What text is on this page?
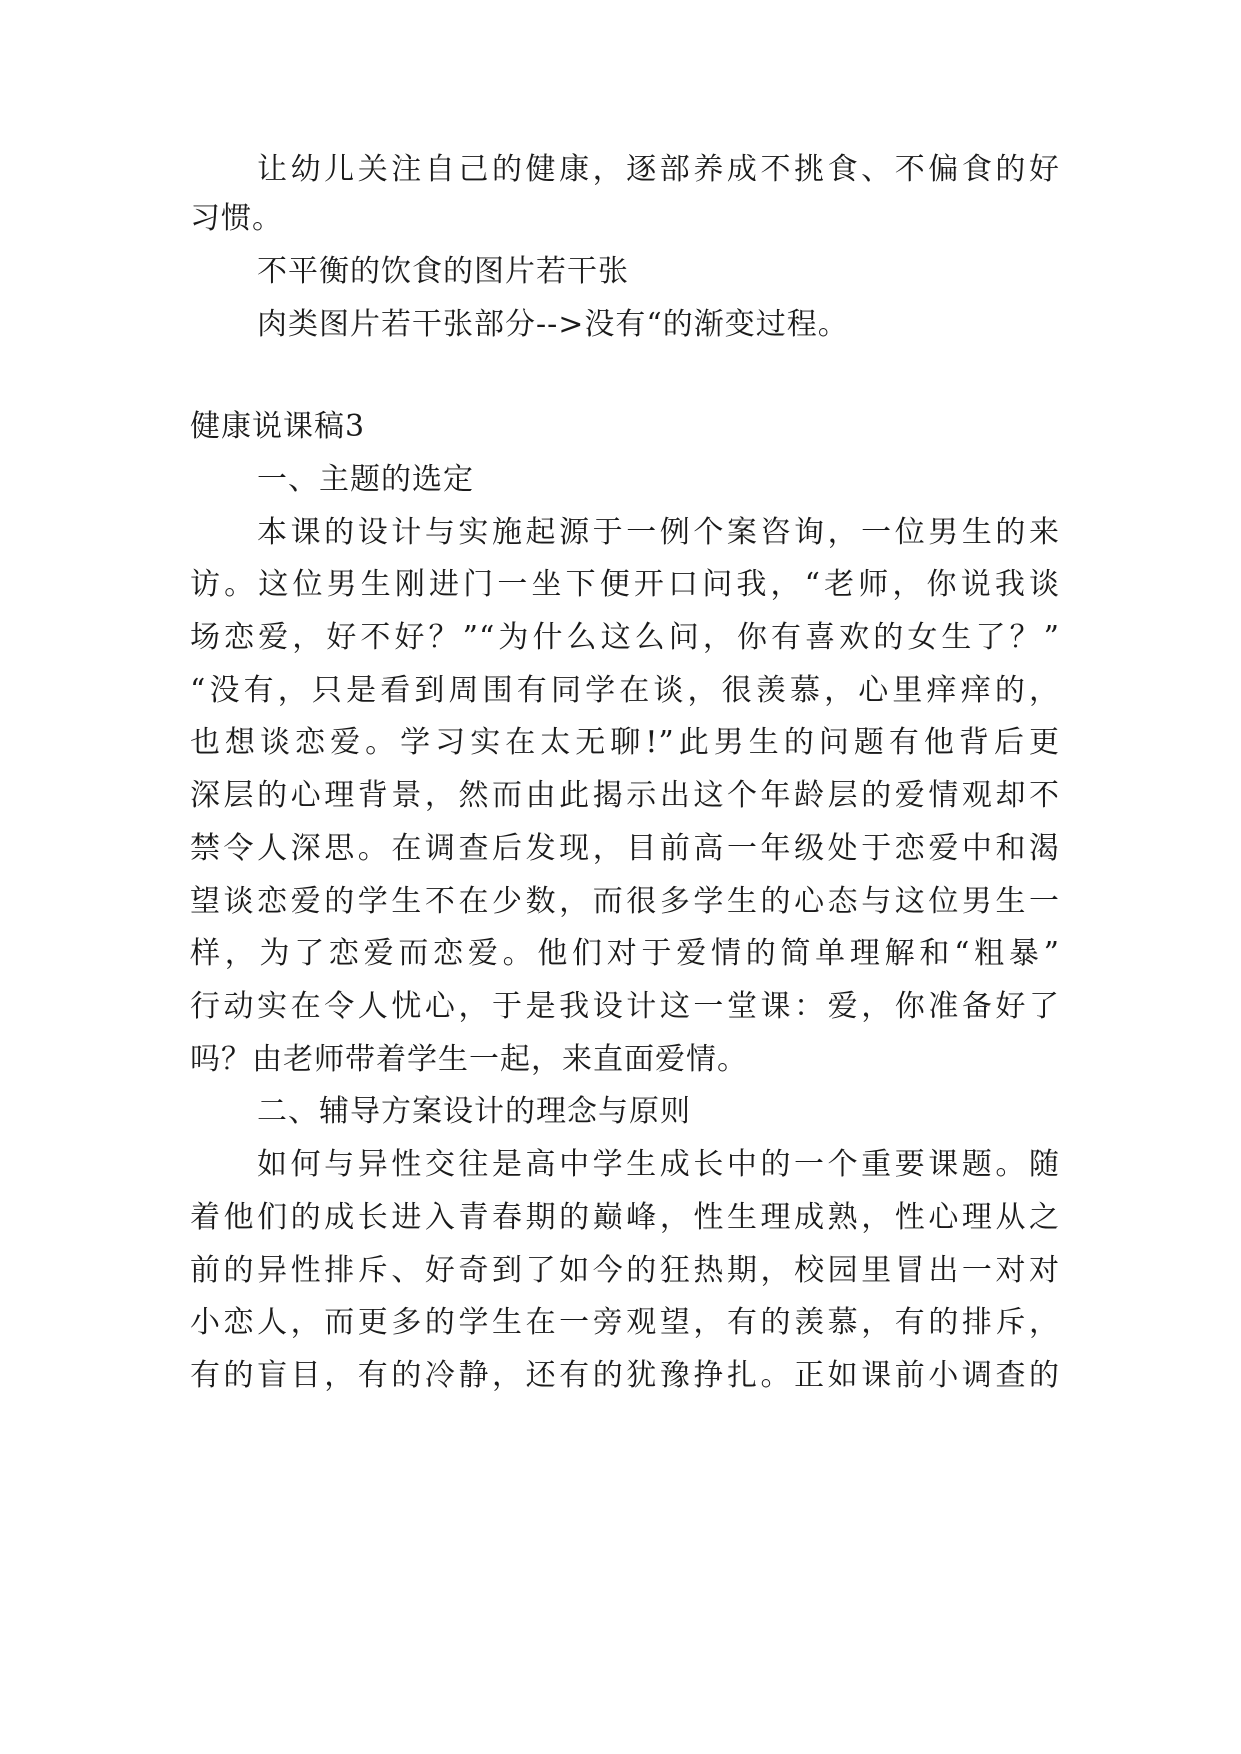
让幼儿关注自己的健康，逐部养成不挑食、不偏食的好
习惯。
不平衡的饮食的图片若干张
肉类图片若干张部分-->没有“的渐变过程。
健康说课稿3
一、主题的选定
本课的设计与实施起源于一例个案咨询，一位男生的来
访。这位男生刚进门一坐下便开口问我，“老师，你说我谈
场恋爱，好不好？”“为什么这么问，你有喜欢的女生了？”
“没有，只是看到周围有同学在谈，很羡慕，心里痒痒的，
也想谈恋爱。学习实在太无聊!”此男生的问题有他背后更
深层的心理背景，然而由此揭示出这个年龄层的爱情观却不
禁令人深思。在调查后发现，目前高一年级处于恋爱中和渴
望谈恋爱的学生不在少数，而很多学生的心态与这位男生一
样，为了恋爱而恋爱。他们对于爱情的简单理解和“粗暴”
行动实在令人忧心，于是我设计这一堂课：爱，你准备好了
吗？由老师带着学生一起，来直面爱情。
二、辅导方案设计的理念与原则
如何与异性交往是高中学生成长中的一个重要课题。随
着他们的成长进入青春期的巅峰，性生理成熟，性心理从之
前的异性排斥、好奇到了如今的狂热期，校园里冒出一对对
小恋人，而更多的学生在一旁观望，有的羡慕，有的排斥，
有的盲目，有的冷静，还有的犹豫挣扎。正如课前小调查的
